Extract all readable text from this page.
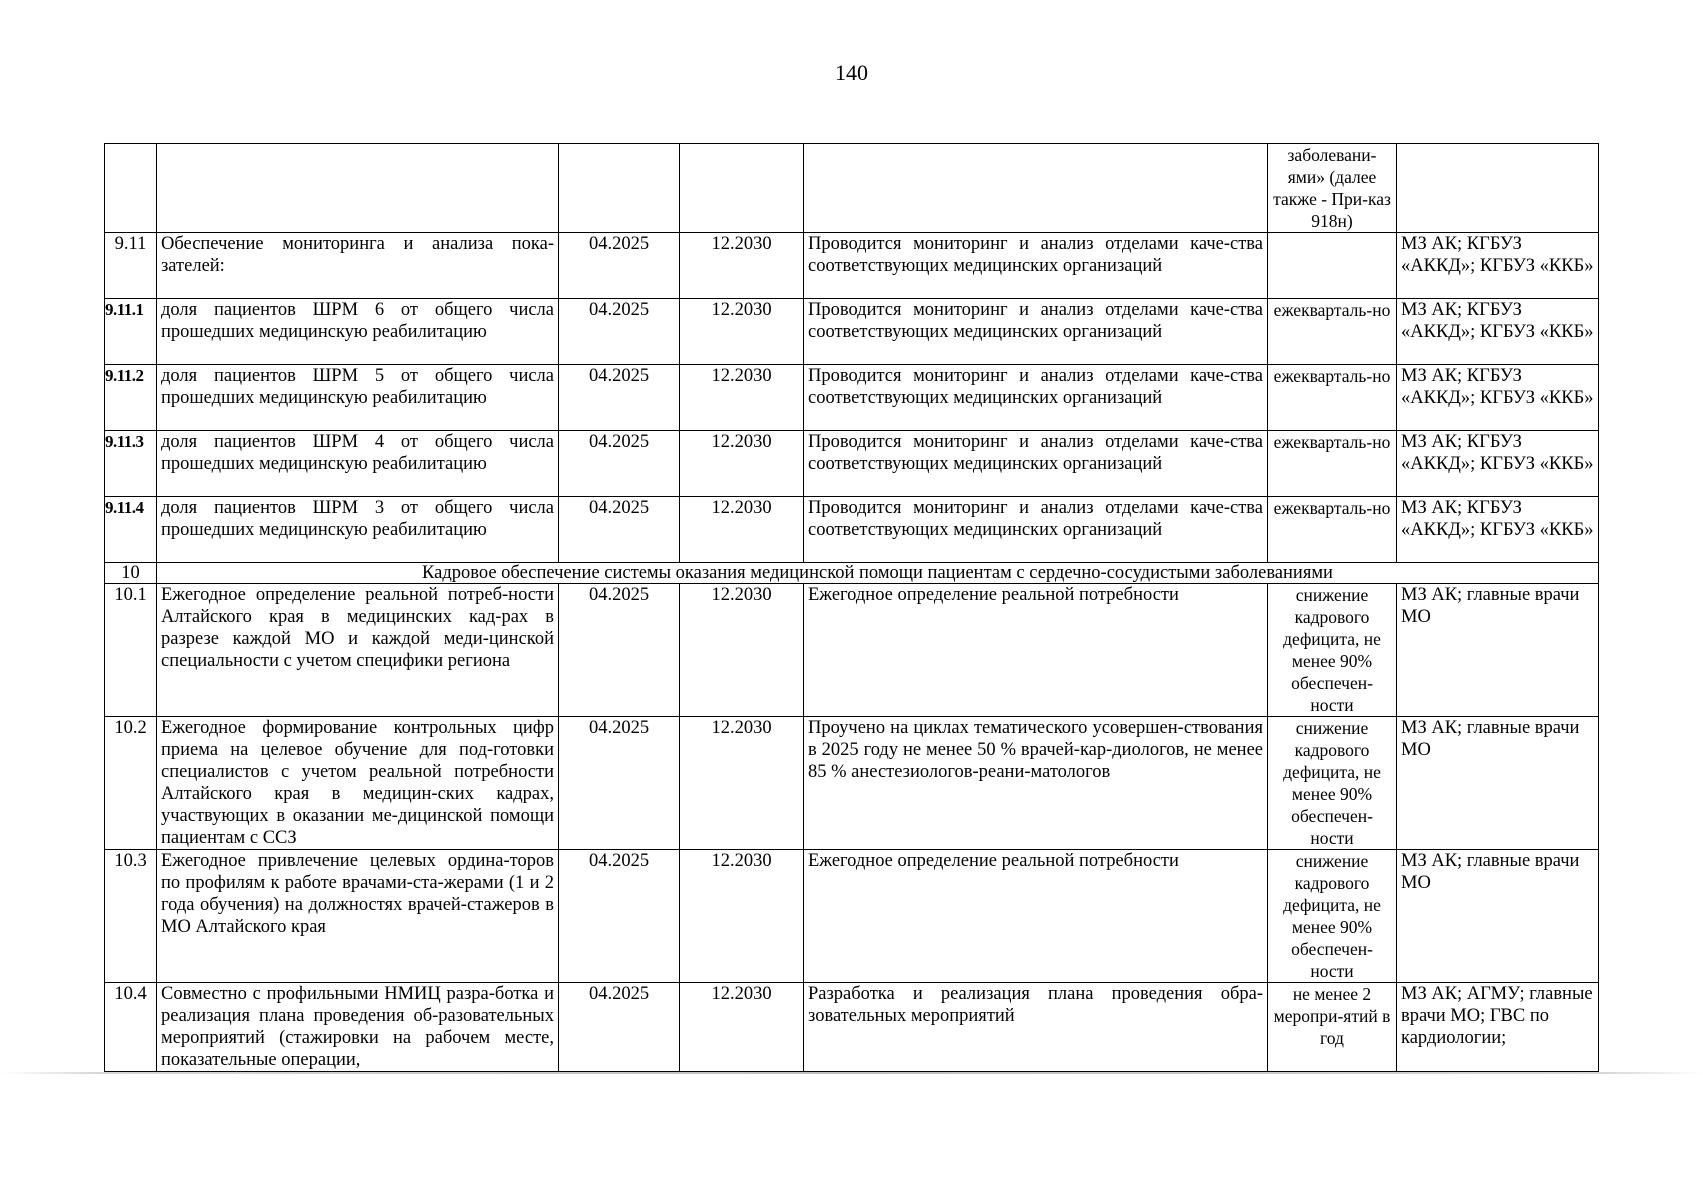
140
					заболевани-ями» (далее также - При-каз 918н)	
9.11	Обеспечение мониторинга и анализа пока-зателей:	04.2025	12.2030	Проводится мониторинг и анализ отделами каче-ства соответствующих медицинских организаций		МЗ АК; КГБУЗ «АККД»; КГБУЗ «ККБ»
9.11.1	доля пациентов ШРМ 6 от общего числа прошедших медицинскую реабилитацию	04.2025	12.2030	Проводится мониторинг и анализ отделами каче-ства соответствующих медицинских организаций	ежекварталь-но	МЗ АК; КГБУЗ «АККД»; КГБУЗ «ККБ»
9.11.2	доля пациентов ШРМ 5 от общего числа прошедших медицинскую реабилитацию	04.2025	12.2030	Проводится мониторинг и анализ отделами каче-ства соответствующих медицинских организаций	ежекварталь-но	МЗ АК; КГБУЗ «АККД»; КГБУЗ «ККБ»
9.11.3	доля пациентов ШРМ 4 от общего числа прошедших медицинскую реабилитацию	04.2025	12.2030	Проводится мониторинг и анализ отделами каче-ства соответствующих медицинских организаций	ежекварталь-но	МЗ АК; КГБУЗ «АККД»; КГБУЗ «ККБ»
9.11.4	доля пациентов ШРМ 3 от общего числа прошедших медицинскую реабилитацию	04.2025	12.2030	Проводится мониторинг и анализ отделами каче-ства соответствующих медицинских организаций	ежекварталь-но	МЗ АК; КГБУЗ «АККД»; КГБУЗ «ККБ»
10	Кадровое обеспечение системы оказания медицинской помощи пациентам с сердечно-сосудистыми заболеваниями					
10.1	Ежегодное определение реальной потреб-ности Алтайского края в медицинских кад-рах в разрезе каждой МО и каждой меди-цинской специальности с учетом специфики региона	04.2025	12.2030	Ежегодное определение реальной потребности	снижение кадрового дефицита, не менее 90% обеспечен-ности	МЗ АК; главные врачи МО
10.2	Ежегодное формирование контрольных цифр приема на целевое обучение для под-готовки специалистов с учетом реальной потребности Алтайского края в медицин-ских кадрах, участвующих в оказании ме-дицинской помощи пациентам с ССЗ	04.2025	12.2030	Проучено на циклах тематического усовершен-ствования в 2025 году не менее 50 % врачей-кар-диологов, не менее 85 % анестезиологов-реани-матологов	снижение кадрового дефицита, не менее 90% обеспечен-ности	МЗ АК; главные врачи МО
10.3	Ежегодное привлечение целевых ордина-торов по профилям к работе врачами-ста-жерами (1 и 2 года обучения) на должностях врачей-стажеров в МО Алтайского края	04.2025	12.2030	Ежегодное определение реальной потребности	снижение кадрового дефицита, не менее 90% обеспечен-ности	МЗ АК; главные врачи МО
10.4	Совместно с профильными НМИЦ разра-ботка и реализация плана проведения об-разовательных мероприятий (стажировки на рабочем месте, показательные операции,	04.2025	12.2030	Разработка и реализация плана проведения обра-зовательных мероприятий	не менее 2 меропри-ятий в год	МЗ АК; АГМУ; главные врачи МО; ГВС по кардиологии;
